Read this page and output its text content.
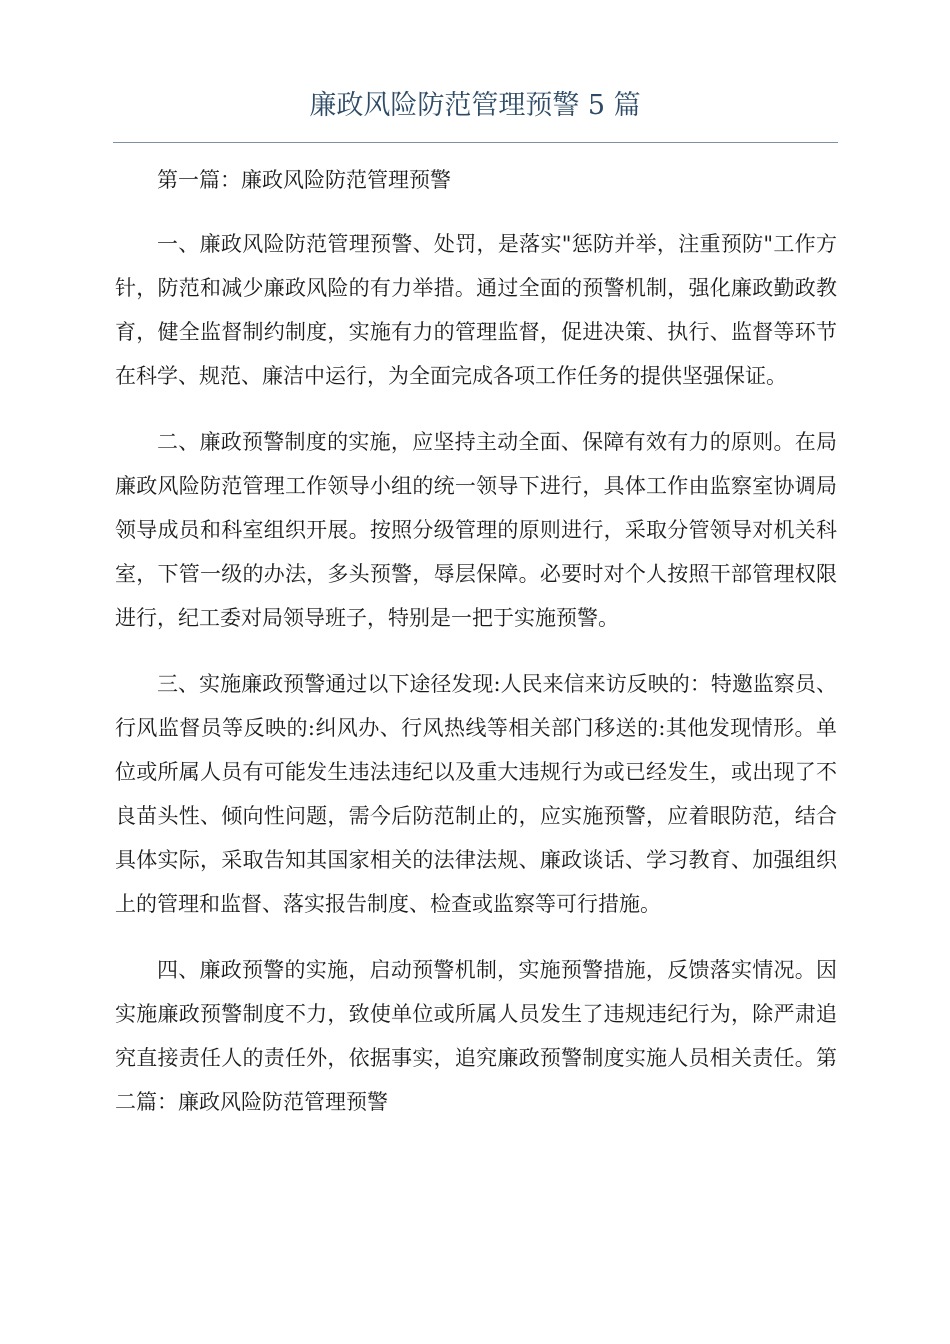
廉政风险防范管理预警 5 篇

第一篇：廉政风险防范管理预警

一、廉政风险防范管理预警、处罚，是落实"惩防并举，注重预防"工作方针，防范和减少廉政风险的有力举措。通过全面的预警机制，强化廉政勤政教育，健全监督制约制度，实施有力的管理监督，促进决策、执行、监督等环节在科学、规范、廉洁中运行，为全面完成各项工作任务的提供坚强保证。

二、廉政预警制度的实施，应坚持主动全面、保障有效有力的原则。在局廉政风险防范管理工作领导小组的统一领导下进行，具体工作由监察室协调局领导成员和科室组织开展。按照分级管理的原则进行，采取分管领导对机关科室，下管一级的办法，多头预警，辱层保障。必要时对个人按照干部管理权限进行，纪工委对局领导班子，特别是一把于实施预警。

三、实施廉政预警通过以下途径发现:人民来信来访反映的：特邀监察员、行风监督员等反映的:纠风办、行风热线等相关部门移送的:其他发现情形。单位或所属人员有可能发生违法违纪以及重大违规行为或已经发生，或出现了不良苗头性、倾向性问题，需今后防范制止的，应实施预警，应着眼防范，结合具体实际，采取告知其国家相关的法律法规、廉政谈话、学习教育、加强组织上的管理和监督、落实报告制度、检查或监察等可行措施。

四、廉政预警的实施，启动预警机制，实施预警措施，反馈落实情况。因实施廉政预警制度不力，致使单位或所属人员发生了违规违纪行为，除严肃追究直接责任人的责任外，依据事实，追究廉政预警制度实施人员相关责任。第二篇：廉政风险防范管理预警
